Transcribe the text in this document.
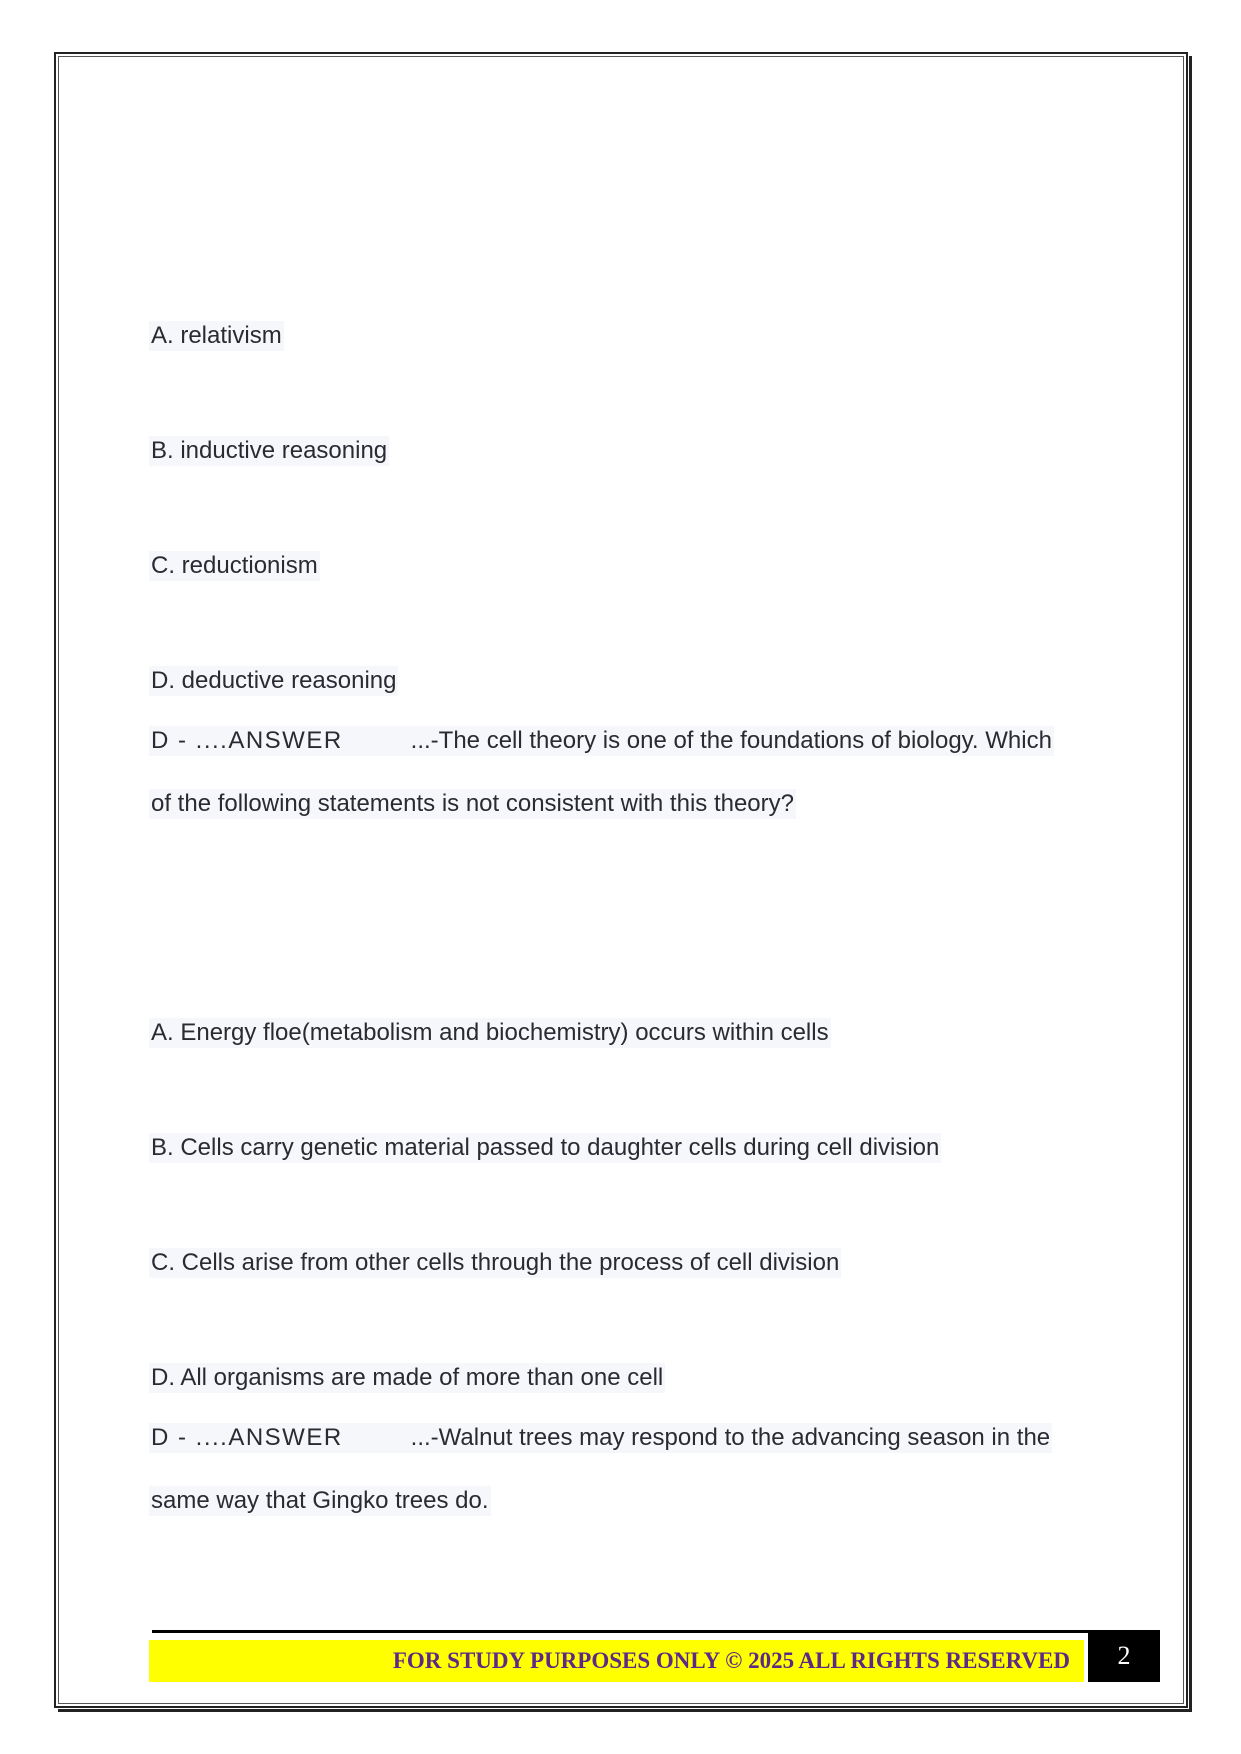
A. relativism
B. inductive reasoning
C. reductionism
D. deductive reasoning
D - ....ANSWER	...-The cell theory is one of the foundations of biology. Which
of the following statements is not consistent with this theory?
A. Energy floe(metabolism and biochemistry) occurs within cells
B. Cells carry genetic material passed to daughter cells during cell division
C. Cells arise from other cells through the process of cell division
D. All organisms are made of more than one cell
D - ....ANSWER	...-Walnut trees may respond to the advancing season in the
same way that Gingko trees do.
FOR STUDY PURPOSES ONLY © 2025 ALL RIGHTS RESERVED	2
